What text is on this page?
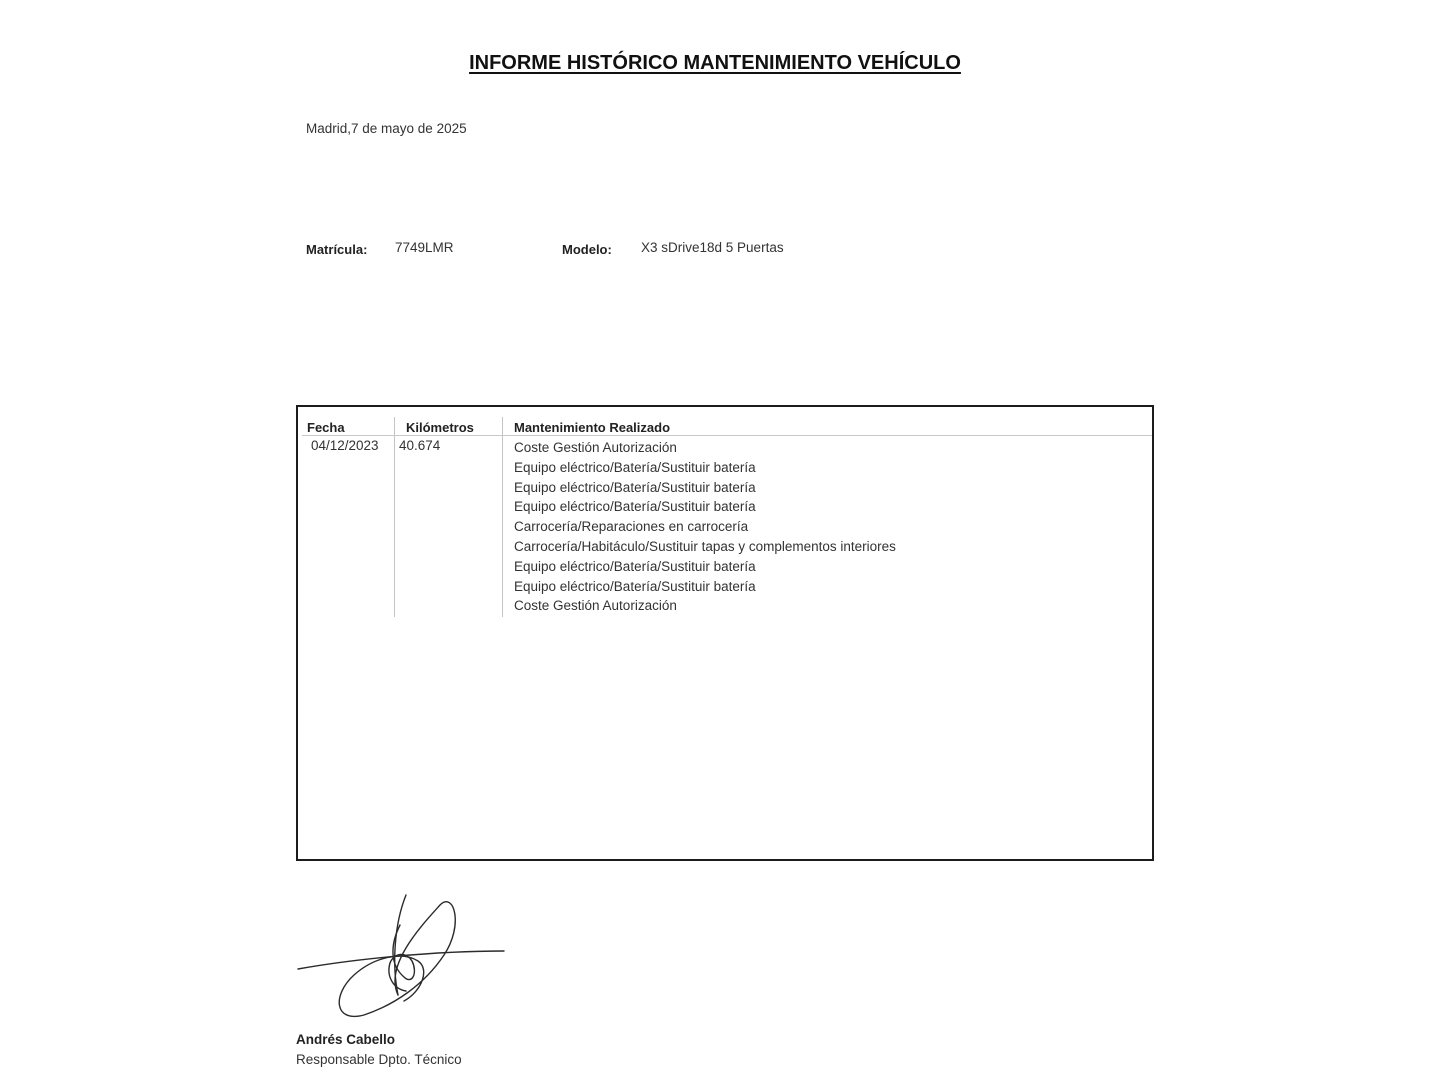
INFORME HISTÓRICO MANTENIMIENTO VEHÍCULO
Madrid,7 de mayo de 2025
Matrícula: 7749LMR	Modelo: X3 sDrive18d 5 Puertas
Fecha	Kilómetros	Mantenimiento Realizado
04/12/2023 40.674	Coste Gestión Autorización
Equipo eléctrico/Batería/Sustituir batería
Equipo eléctrico/Batería/Sustituir batería
Equipo eléctrico/Batería/Sustituir batería
Carrocería/Reparaciones en carrocería
Carrocería/Habitáculo/Sustituir tapas y complementos interiores
Equipo eléctrico/Batería/Sustituir batería
Equipo eléctrico/Batería/Sustituir batería
Coste Gestión Autorización
Andrés Cabello
Responsable Dpto. Técnico
